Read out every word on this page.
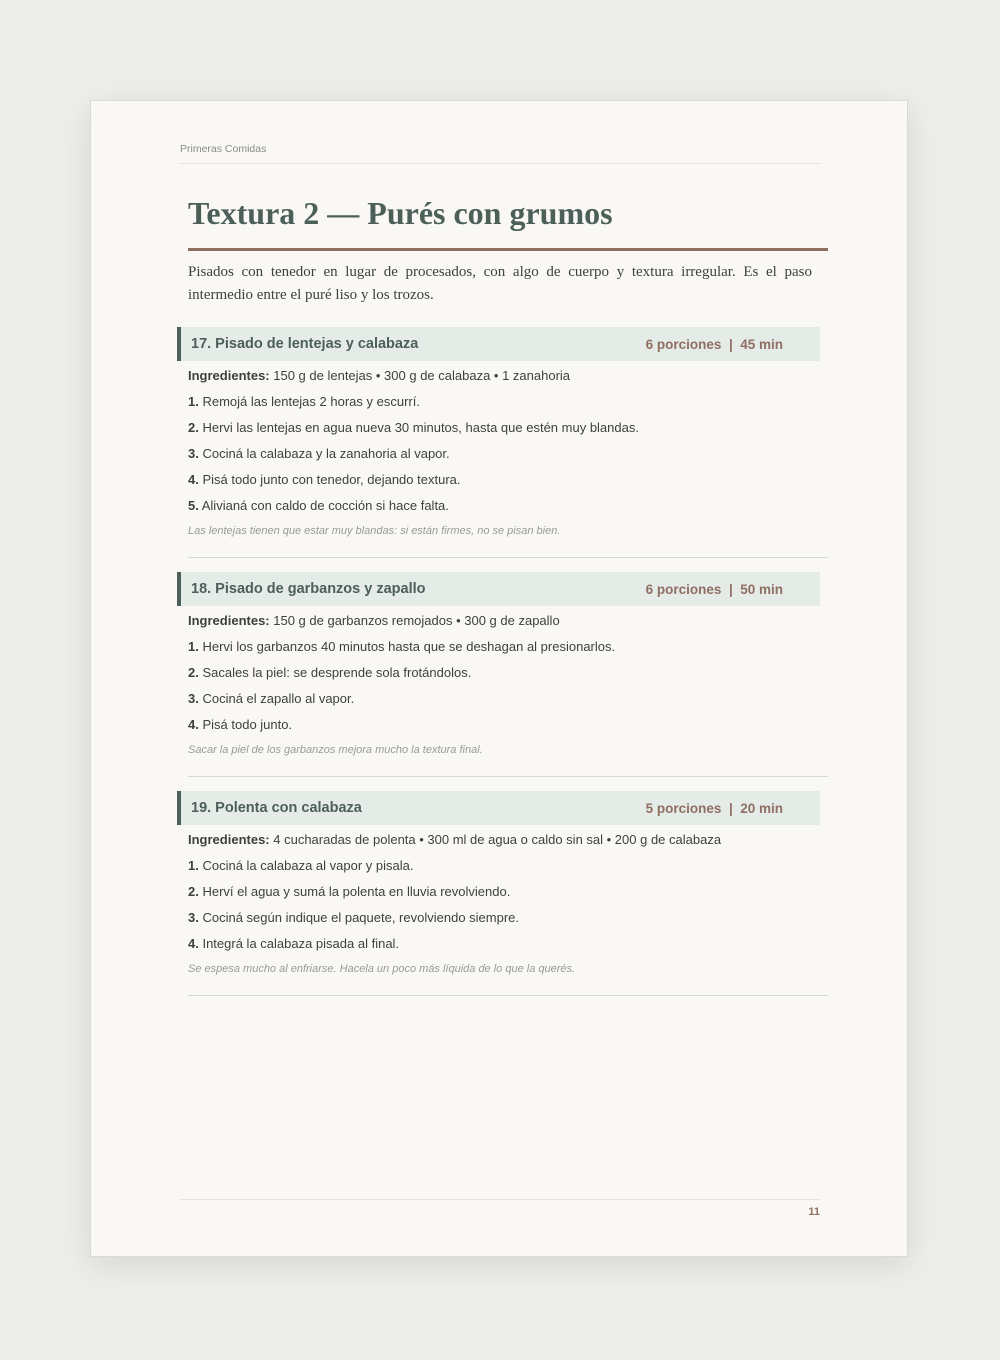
Primeras Comidas
Textura 2 — Purés con grumos

Pisados con tenedor en lugar de procesados, con algo de cuerpo y textura irregular. Es el paso intermedio entre el puré liso y los trozos.

17. Pisado de lentejas y calabaza	6 porciones  |  45 min
Ingredientes: 150 g de lentejas • 300 g de calabaza • 1 zanahoria
1. Remojá las lentejas 2 horas y escurrí.
2. Hervi las lentejas en agua nueva 30 minutos, hasta que estén muy blandas.
3. Cociná la calabaza y la zanahoria al vapor.
4. Pisá todo junto con tenedor, dejando textura.
5. Alivianá con caldo de cocción si hace falta.
Las lentejas tienen que estar muy blandas: si están firmes, no se pisan bien.
18. Pisado de garbanzos y zapallo	6 porciones  |  50 min
Ingredientes: 150 g de garbanzos remojados • 300 g de zapallo
1. Hervi los garbanzos 40 minutos hasta que se deshagan al presionarlos.
2. Sacales la piel: se desprende sola frotándolos.
3. Cociná el zapallo al vapor.
4. Pisá todo junto.
Sacar la piel de los garbanzos mejora mucho la textura final.
19. Polenta con calabaza	5 porciones  |  20 min
Ingredientes: 4 cucharadas de polenta • 300 ml de agua o caldo sin sal • 200 g de calabaza
1. Cociná la calabaza al vapor y pisala.
2. Herví el agua y sumá la polenta en lluvia revolviendo.
3. Cociná según indique el paquete, revolviendo siempre.
4. Integrá la calabaza pisada al final.
Se espesa mucho al enfriarse. Hacela un poco más líquida de lo que la querés.
11
